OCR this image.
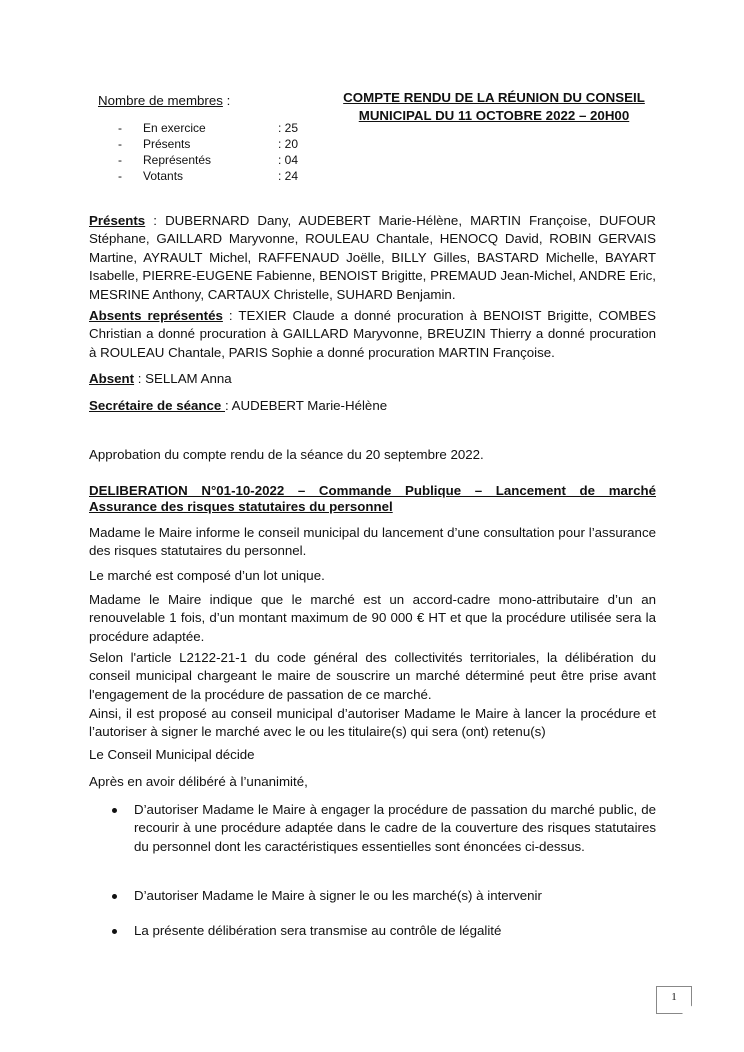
Nombre de membres :
- En exercice	: 25
- Présents	: 20
- Représentés	: 04
- Votants	: 24
COMPTE RENDU DE LA RÉUNION DU CONSEIL
MUNICIPAL DU 11 OCTOBRE 2022 – 20H00
Présents : DUBERNARD Dany, AUDEBERT Marie-Hélène, MARTIN Françoise, DUFOUR Stéphane, GAILLARD Maryvonne, ROULEAU Chantale, HENOCQ David, ROBIN GERVAIS Martine, AYRAULT Michel, RAFFENAUD Joëlle, BILLY Gilles, BASTARD Michelle, BAYART Isabelle, PIERRE-EUGENE Fabienne, BENOIST Brigitte, PREMAUD Jean-Michel, ANDRE Eric, MESRINE Anthony, CARTAUX Christelle, SUHARD Benjamin.
Absents représentés : TEXIER Claude a donné procuration à BENOIST Brigitte, COMBES Christian a donné procuration à GAILLARD Maryvonne, BREUZIN Thierry a donné procuration à ROULEAU Chantale, PARIS Sophie a donné procuration MARTIN Françoise.
Absent : SELLAM Anna
Secrétaire de séance : AUDEBERT Marie-Hélène
Approbation du compte rendu de la séance du 20 septembre 2022.
DELIBERATION N°01-10-2022 – Commande Publique – Lancement de marché
Assurance des risques statutaires du personnel
Madame le Maire informe le conseil municipal du lancement d’une consultation pour l’assurance des risques statutaires du personnel.
Le marché est composé d’un lot unique.
Madame le Maire indique que le marché est un accord-cadre mono-attributaire d’un an renouvelable 1 fois, d’un montant maximum de 90 000 € HT et que la procédure utilisée sera la procédure adaptée.
Selon l'article L2122-21-1 du code général des collectivités territoriales, la délibération du conseil municipal chargeant le maire de souscrire un marché déterminé peut être prise avant l'engagement de la procédure de passation de ce marché.
Ainsi, il est proposé au conseil municipal d’autoriser Madame le Maire à lancer la procédure et l’autoriser à signer le marché avec le ou les titulaire(s) qui sera (ont) retenu(s)
Le Conseil Municipal décide
Après en avoir délibéré à l’unanimité,
D’autoriser Madame le Maire à engager la procédure de passation du marché public, de recourir à une procédure adaptée dans le cadre de la couverture des risques statutaires du personnel dont les caractéristiques essentielles sont énoncées ci-dessus.
D’autoriser Madame le Maire à signer le ou les marché(s) à intervenir
La présente délibération sera transmise au contrôle de légalité
1
